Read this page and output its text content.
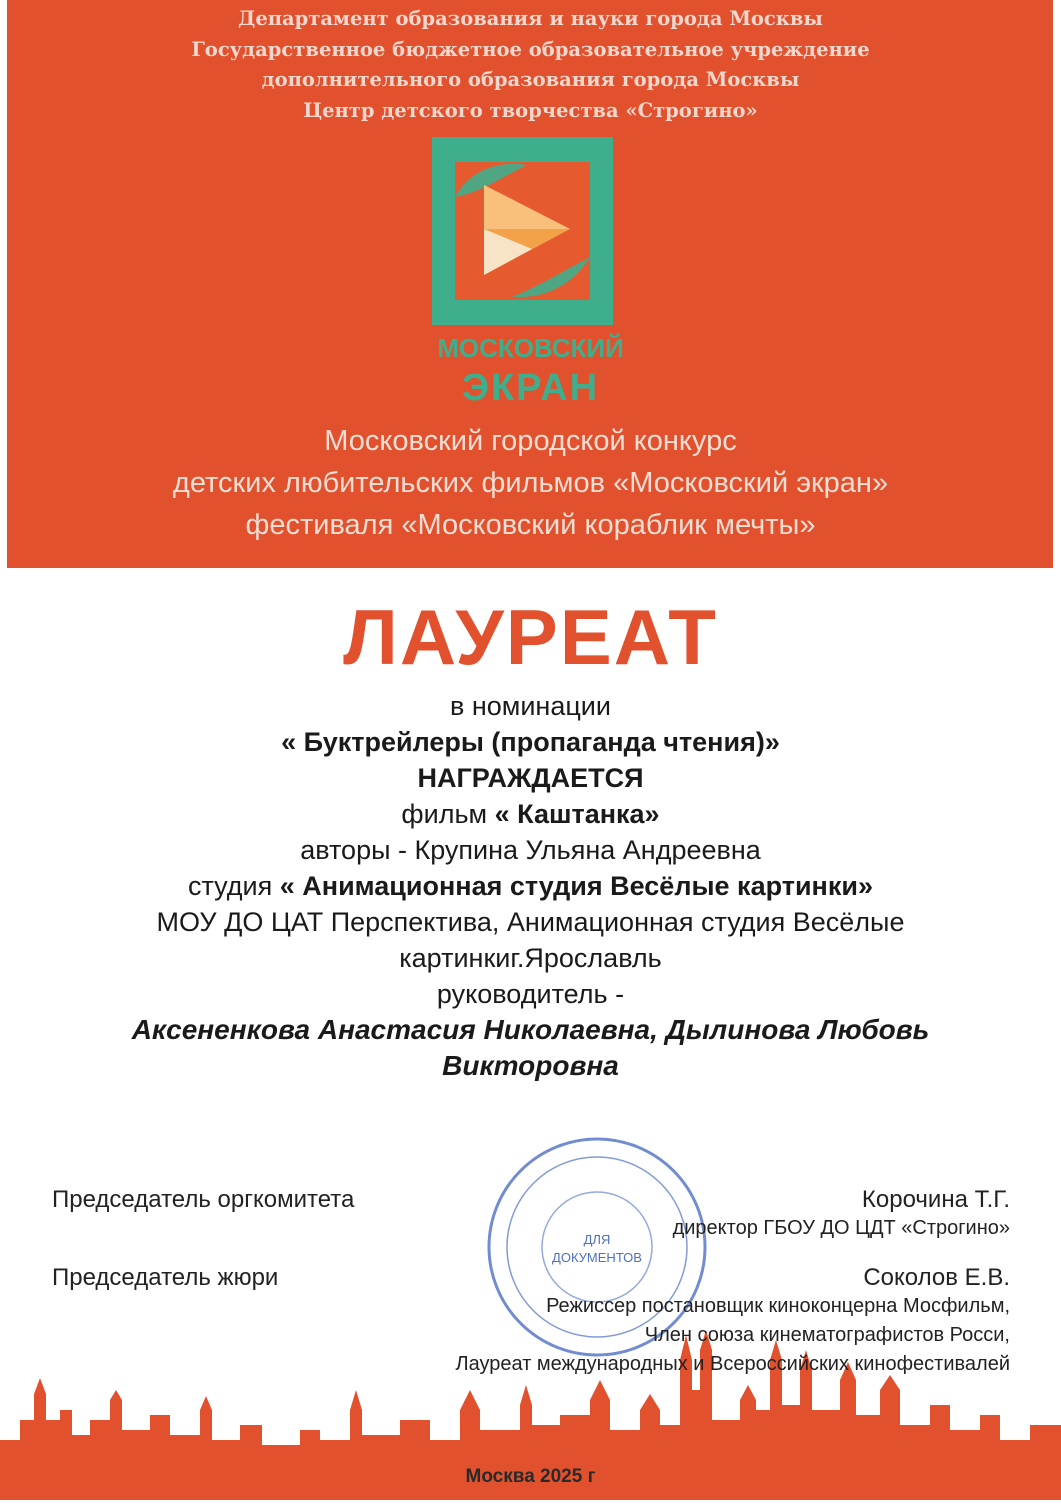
Департамент образования и науки города Москвы
Государственное бюджетное образовательное учреждение
дополнительного образования города Москвы
Центр детского творчества «Строгино»
МОСКОВСКИЙ
ЭКРАН
Московский городской конкурс
детских любительских фильмов «Московский экран»
фестиваля «Московский кораблик мечты»
ЛАУРЕАТ
в номинации
« Буктрейлеры (пропаганда чтения)»
НАГРАЖДАЕТСЯ
фильм « Каштанка»
авторы - Крупина Ульяна Андреевна
студия « Анимационная студия Весёлые картинки»
МОУ ДО ЦАТ Перспектива, Анимационная студия Весёлые
картинкиг.Ярославль
руководитель -
Аксененкова Анастасия Николаевна, Дылинова Любовь
Викторовна
ДЛЯ
ДОКУМЕНТОВ
Председатель оргкомитета	Корочина Т.Г.
директор ГБОУ ДО ЦДТ «Строгино»
Председатель жюри	Соколов Е.В.
Режиссер постановщик киноконцерна Мосфильм,
Член союза кинематографистов Росси,
Лауреат международных и Всероссийских кинофестивалей
Москва 2025 г
